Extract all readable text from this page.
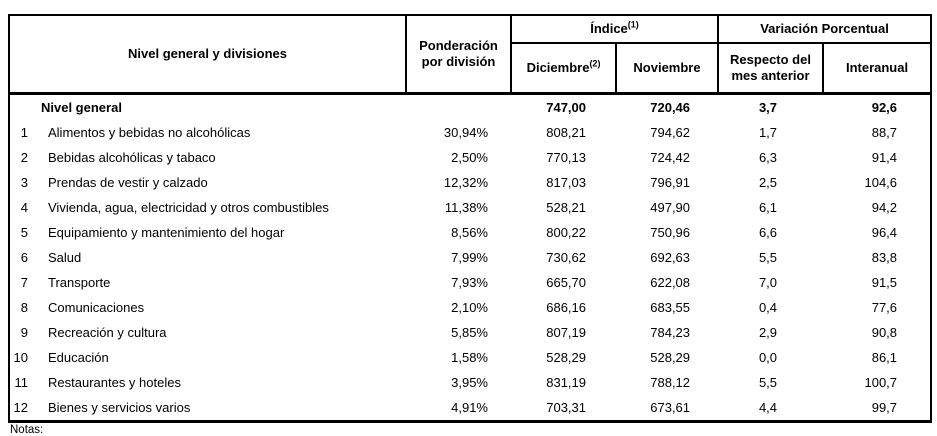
Nivel general y divisiones	Ponderación por división	Índice$^{(1)}$		Variación Porcentual	
		Diciembre$^{(2)}$	Noviembre	Respecto del mes anterior	Interanual
Nivel general		747,00	720,46	3,7	92,6
1 Alimentos y bebidas no alcohólicas	30,94%	808,21	794,62	1,7	88,7
2 Bebidas alcohólicas y tabaco	2,50%	770,13	724,42	6,3	91,4
3 Prendas de vestir y calzado	12,32%	817,03	796,91	2,5	104,6
4 Vivienda, agua, electricidad y otros combustibles	11,38%	528,21	497,90	6,1	94,2
5 Equipamiento y mantenimiento del hogar	8,56%	800,22	750,96	6,6	96,4
6 Salud	7,99%	730,62	692,63	5,5	83,8
7 Transporte	7,93%	665,70	622,08	7,0	91,5
8 Comunicaciones	2,10%	686,16	683,55	0,4	77,6
9 Recreación y cultura	5,85%	807,19	784,23	2,9	90,8
10 Educación	1,58%	528,29	528,29	0,0	86,1
11 Restaurantes y hoteles	3,95%	831,19	788,12	5,5	100,7
12 Bienes y servicios varios	4,91%	703,31	673,61	4,4	99,7
Notas:
